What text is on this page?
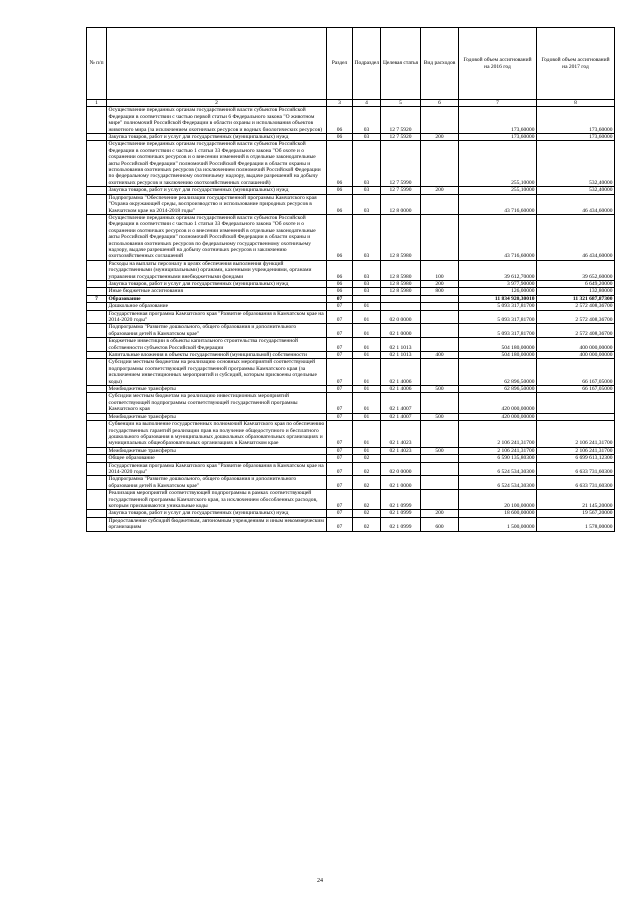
№ п/п		Раздел	Подраздел	Целевая статья	Вид расходов	Годовой объем ассигнований на 2016 год	Годовой объем ассигнований на 2017 год
1	2	3	4	5	6	7	8
	Осуществление переданных органам государственной власти субъектов Российской Федерации в соответствии с частью первой статьи 6 Федерального закона "О животном мире" полномочий Российской Федерации в области охраны и использования объектов животного мира (за исключением охотничьих ресурсов и водных биологических ресурсов)	06	03	12 7 5920		173,60000	173,60000
	Закупка товаров, работ и услуг для государственных (муниципальных) нужд	06	03	12 7 5920	200	173,60000	173,60000
	Осуществление переданных органам государственной власти субъектов Российской Федерации в соответствии с частью 1 статьи 33 Федерального закона "Об охоте и о сохранении охотничьих ресурсов и о внесении изменений в отдельные законодательные акты Российской Федерации" полномочий Российской Федерации в области охраны и использования охотничьих ресурсов (за исключением полномочий Российской Федерации по федеральному государственному охотничьему надзору, выдаче разрешений на добычу охотничьих ресурсов и заключению охотхозяйственных соглашений)	06	03	12 7 5990		255,10000	532,40000
	Закупка товаров, работ и услуг для государственных (муниципальных) нужд	06	03	12 7 5990	200	255,10000	532,40000
	Подпрограмма "Обеспечение реализации государственной программы Камчатского края "Охрана окружающей среды, воспроизводство и использование природных ресурсов в Камчатском крае на 2014-2018 годы"	06	03	12 8 0000		43 716,60000	46 434,60000
	Осуществление переданных органам государственной власти субъектов Российской Федерации в соответствии с частью 1 статьи 33 Федерального закона "Об охоте и о сохранении охотничьих ресурсов и о внесении изменений в отдельные законодательные акты Российской Федерации" полномочий Российской Федерации в области охраны и использования охотничьих ресурсов по федеральному государственному охотничьему надзору, выдаче разрешений на добычу охотничьих ресурсов и заключению охотхозяйственных соглашений	06	03	12 8 5980		43 716,60000	46 434,60000
	Расходы на выплаты персоналу в целях обеспечения выполнения функций государственными (муниципальными) органами, казенными учреждениями, органами управления государственными внебюджетными фондами	06	03	12 8 5980	100	39 612,70000	39 652,60000
	Закупка товаров, работ и услуг для государственных (муниципальных) нужд	06	03	12 8 5980	200	3 977,90000	6 649,20000
	Иные бюджетные ассигнования	06	03	12 8 5980	800	126,00000	132,80000
7	Образование	07				11 834 920,30010	11 321 687,87300
	Дошкольное образование	07	01			5 093 317,81700	2 572 408,36700
	Государственная программа Камчатского края "Развитие образования в Камчатском крае на 2014-2020 годы"	07	01	02 0 0000		5 093 317,81700	2 572 408,36700
	Подпрограмма "Развитие дошкольного, общего образования и дополнительного образования детей в Камчатском крае"	07	01	02 1 0000		5 093 317,81700	2 572 408,36700
	Бюджетные инвестиции в объекты капитального строительства государственной собственности субъектов Российской Федерации	07	01	02 1 1013		504 180,00000	400 000,00000
	Капитальные вложения в объекты государственной (муниципальной) собственности	07	01	02 1 1013	400	504 180,00000	400 000,00000
	Субсидии местным бюджетам на реализацию основных мероприятий соответствующей подпрограммы соответствующей государственной программы Камчатского края (за исключением инвестиционных мероприятий и субсидий, которым присвоены отдельные коды)	07	01	02 1 4006		62 896,50000	66 167,05000
	Межбюджетные трансферты	07	01	02 1 4006	500	62 896,50000	66 167,05000
	Субсидии местным бюджетам на реализацию инвестиционных мероприятий соответствующей подпрограммы соответствующей государственной программы Камчатского края	07	01	02 1 4007		420 000,00000	
	Межбюджетные трансферты	07	01	02 1 4007	500	420 000,00000	
	Субвенции на выполнение государственных полномочий Камчатского края по обеспечению государственных гарантий реализации прав на получение общедоступного и бесплатного дошкольного образования в муниципальных дошкольных образовательных организациях и муниципальных общеобразовательных организациях в Камчатском крае	07	01	02 1 4023		2 106 241,31700	2 106 241,31700
	Межбюджетные трансферты	07	01	02 1 4023	500	2 106 241,31700	2 106 241,31700
	Общее образование	07	02			6 590 135,80300	6 699 613,12300
	Государственная программа Камчатского края "Развитие образования в Камчатском крае на 2014-2020 годы"	07	02	02 0 0000		6 524 534,30300	6 633 731,60300
	Подпрограмма "Развитие дошкольного, общего образования и дополнительного образования детей в Камчатском крае"	07	02	02 1 0000		6 524 534,30300	6 633 731,60300
	Реализация мероприятий соответствующей подпрограммы в рамках соответствующей государственной программы Камчатского края, за исключением обособленных расходов, которым присваиваются уникальные коды	07	02	02 1 0999		20 100,00000	21 145,20000
	Закупка товаров, работ и услуг для государственных (муниципальных) нужд	07	02	02 1 0999	200	18 600,00000	19 567,20000
	Предоставление субсидий бюджетным, автономным учреждениям и иным некоммерческим организациям	07	02	02 1 0999	600	1 500,00000	1 578,00000
24
